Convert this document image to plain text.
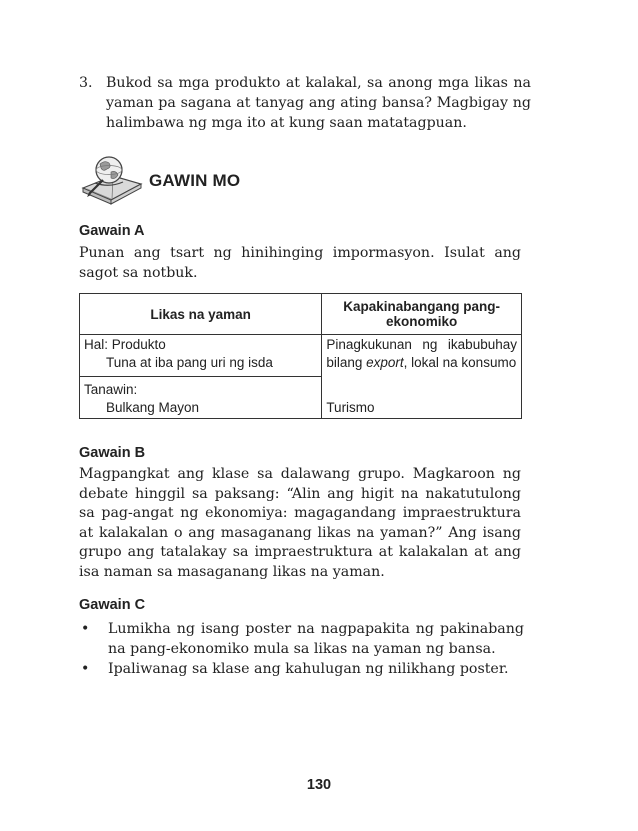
3. Bukod sa mga produkto at kalakal, sa anong mga likas na yaman pa sagana at tanyag ang ating bansa? Magbigay ng halimbawa ng mga ito at kung saan matatagpuan.
GAWIN MO
Gawain A
Punan ang tsart ng hinihinging impormasyon. Isulat ang sagot sa notbuk.
Likas na yaman	Kapakinabangang pang-ekonomiko
Hal: Produkto
Tuna at iba pang uri ng isda	Pinagkukunan ng ikabubuhay bilang export, lokal na konsumo
Tanawin:
Bulkang Mayon	Turismo
Gawain B
Magpangkat ang klase sa dalawang grupo. Magkaroon ng debate hinggil sa paksang: “Alin ang higit na nakatutulong sa pag-angat ng ekonomiya: magagandang impraestruktura at kalakalan o ang masaganang likas na yaman?” Ang isang grupo ang tatalakay sa impraestruktura at kalakalan at ang isa naman sa masaganang likas na yaman.
Gawain C
• Lumikha ng isang poster na nagpapakita ng pakinabang na pang-ekonomiko mula sa likas na yaman ng bansa.
• Ipaliwanag sa klase ang kahulugan ng nilikhang poster.
130
